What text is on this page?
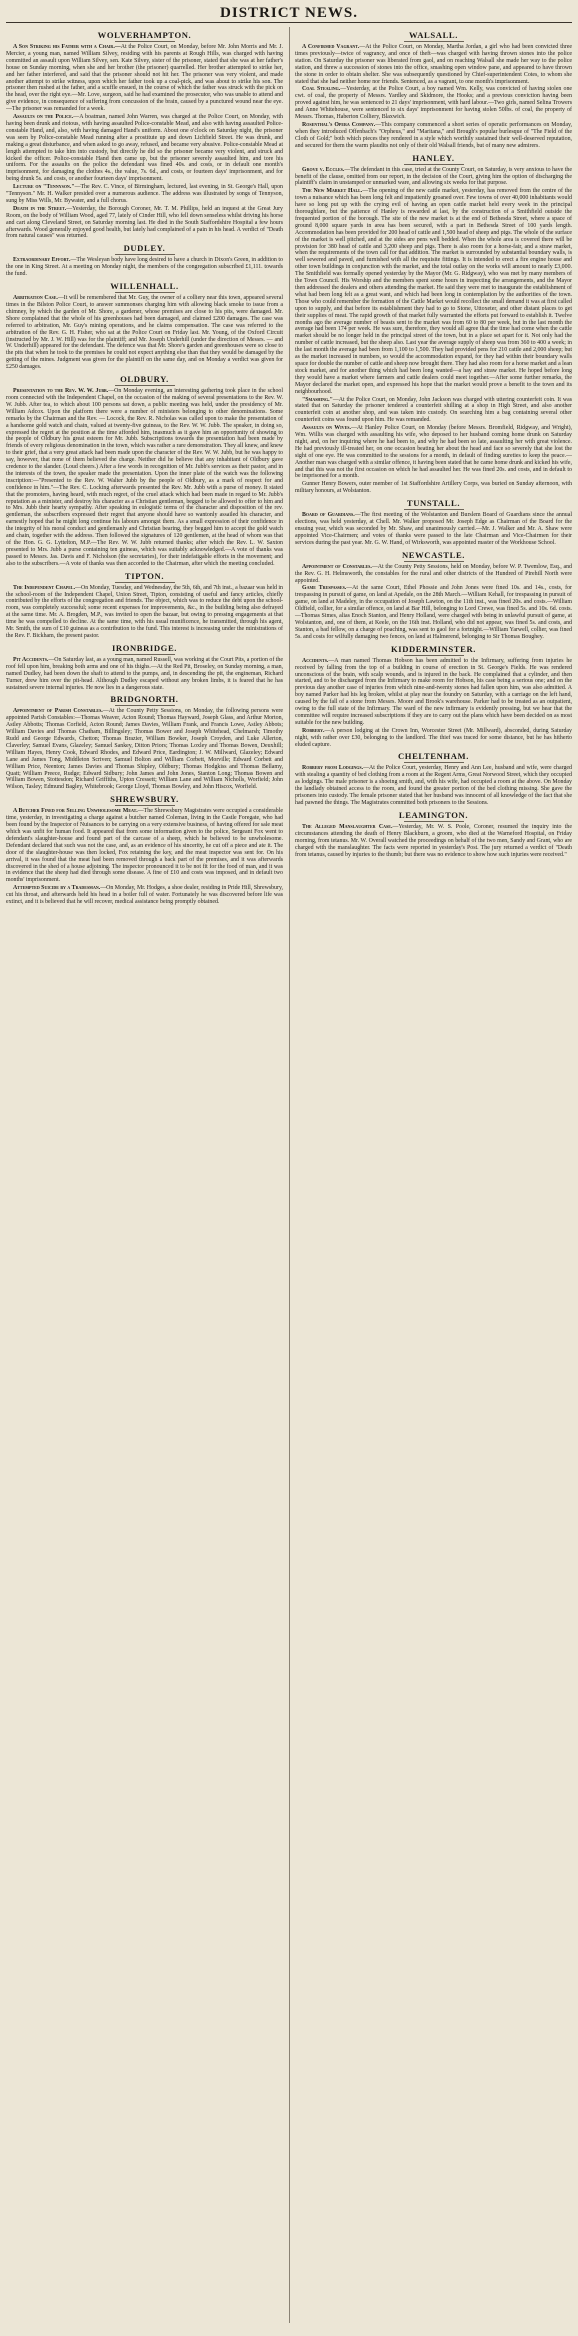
DISTRICT NEWS.
WOLVERHAMPTON.

A Son Striking his Father with a Chair.—At the Police Court, on Monday, before Mr. John Morris and Mr. J. Mercier, a young man, named William Silvey, residing with his parents at Rough Hills, was charged with having committed an assault upon William Silvey, sen. Kate Silvey, sister of the prisoner, stated that she was at her father's house on Sunday morning, when she and her brother (the prisoner) quarrelled. Her brother attempted to strike her, and her father interfered, and said that the prisoner should not hit her. The prisoner was very violent, and made another attempt to strike witness, upon which her father took up a coal-pick, and was about to strike his son. The prisoner then rushed at the father, and a scuffle ensued, in the course of which the father was struck with the pick on the head, over the right eye.—Mr. Love, surgeon, said he had examined the prosecutor, who was unable to attend and give evidence, in consequence of suffering from concussion of the brain, caused by a punctured wound near the eye.—The prisoner was remanded for a week.

Assaults on the Police.—A boatman, named John Warren, was charged at the Police Court, on Monday, with having been drunk and riotous, with having assaulted Police-constable Mead, and also with having assaulted Police-constable Hand, and, also, with having damaged Hand's uniform. About one o'clock on Saturday night, the prisoner was seen by Police-constable Mead running after a prostitute up and down Lichfield Street. He was drunk, and making a great disturbance, and when asked to go away, refused, and became very abusive. Police-constable Mead at length attempted to take him into custody, but directly he did so the prisoner became very violent, and struck and kicked the officer. Police-constable Hand then came up, but the prisoner severely assaulted him, and tore his uniform. For the assaults on the police the defendant was fined 40s. and costs, or in default one month's imprisonment, for damaging the clothes 4s., the value, 7s. 6d., and costs, or fourteen days' imprisonment, and for being drunk 5s. and costs, or another fourteen days' imprisonment.

Lecture on "Tennyson."—The Rev. C. Vince, of Birmingham, lectured, last evening, in St. George's Hall, upon "Tennyson." Mr. H. Walker presided over a numerous audience. The address was illustrated by songs of Tennyson, sung by Miss Wills, Mr. Bywater, and a full chorus.

Death in the Street.—Yesterday, the Borough Coroner, Mr. T. M. Phillips, held an inquest at the Great Jury Room, on the body of William Wood, aged 77, lately of Cinder Hill, who fell down senseless whilst driving his horse and cart along Cleveland Street, on Saturday morning last. He died in the South Staffordshire Hospital a few hours afterwards. Wood generally enjoyed good health, but lately had complained of a pain in his head. A verdict of "Death from natural causes" was returned.

DUDLEY.

Extraordinary Effort.—The Wesleyan body have long desired to have a church in Dixon's Green, in addition to the one in King Street. At a meeting on Monday night, the members of the congregation subscribed £1,111. towards the fund.

WILLENHALL.

Arbitration Case.—It will be remembered that Mr. Guy, the owner of a colliery near this town, appeared several times in the Bilston Police Court, to answer summonses charging him with allowing black smoke to issue from a chimney, by which the garden of Mr. Shore, a gardener, whose premises are close to his pits, were damaged. Mr. Shore complained that the whole of his greenhouses had been damaged, and claimed £200 damages. The case was referred to arbitration, Mr. Guy's mining operations, and he claims compensation. The case was referred to the arbitration of the Rev. G. H. Fisher, who sat at the Police Court on Friday last. Mr. Young, of the Oxford Circuit (instructed by Mr. J. W. Hill) was for the plaintiff; and Mr. Joseph Underhill (under the direction of Messrs. — and W. Underhill) appeared for the defendant. The defence was that Mr. Shore's garden and greenhouses were so close to the pits that when he took to the premises he could not expect anything else than that they would be damaged by the getting of the mines. Judgment was given for the plaintiff on the same day, and on Monday a verdict was given for £250 damages.

OLDBURY.

Presentation to the Rev. W. W. Jubb.—On Monday evening, an interesting gathering took place in the school room connected with the Independent Chapel, on the occasion of the making of several presentations to the Rev. W. W. Jubb. After tea, to which about 100 persons sat down, a public meeting was held, under the presidency of Mr. William Adcox. Upon the platform there were a number of ministers belonging to other denominations. Some remarks by the Chairman and the Rev. — Locock, the Rev. R. Nicholas was called upon to make the presentation of a handsome gold watch and chain, valued at twenty-five guineas, to the Rev. W. W. Jubb. The speaker, in doing so, expressed the regret at the position at the time afforded him, inasmuch as it gave him an opportunity of showing to the people of Oldbury his great esteem for Mr. Jubb. Subscriptions towards the presentation had been made by friends of every religious denomination in the town, which was rather a rare demonstration. They all knew, and knew to their grief, that a very great attack had been made upon the character of the Rev. W. W. Jubb, but he was happy to say, however, that none of them believed the charge. Neither did he believe that any inhabitant of Oldbury gave credence to the slander. (Loud cheers.) After a few words in recognition of Mr. Jubb's services as their pastor, and in the interests of the town, the speaker made the presentation. Upon the inner plate of the watch was the following inscription:—"Presented to the Rev. W. Walter Jubb by the people of Oldbury, as a mark of respect for and confidence in him."—The Rev. C. Locking afterwards presented the Rev. Mr. Jubb with a purse of money. It stated that the promoters, having heard, with much regret, of the cruel attack which had been made in regard to Mr. Jubb's reputation as a minister, and destroy his character as a Christian gentleman, begged to be allowed to offer to him and to Mrs. Jubb their hearty sympathy. After speaking in eulogistic terms of the character and disposition of the rev. gentleman, the subscribers expressed their regret that anyone should have so wantonly assailed his character, and earnestly hoped that he might long continue his labours amongst them. As a small expression of their confidence in the integrity of his moral conduct and gentlemanly and Christian bearing, they begged him to accept the gold watch and chain, together with the address. Then followed the signatures of 120 gentlemen, at the head of whom was that of the Hon. G. G. Lyttelton, M.P.—The Rev. W. W. Jubb returned thanks; after which the Rev. L. W. Saxton presented to Mrs. Jubb a purse containing ten guineas, which was suitably acknowledged.—A vote of thanks was passed to Messrs. Jas. Davis and F. Nicholson (the secretaries), for their indefatigable efforts in the movement; and also to the subscribers.—A vote of thanks was then accorded to the Chairman, after which the meeting concluded.

TIPTON.

The Independent Chapel.—On Monday, Tuesday, and Wednesday, the 5th, 6th, and 7th inst., a bazaar was held in the school-room of the Independent Chapel, Union Street, Tipton, consisting of useful and fancy articles, chiefly contributed by the efforts of the congregation and friends. The object, which was to reduce the debt upon the school-room, was completely successful; some recent expenses for improvements, &c., in the building being also defrayed at the same time. Mr. A. Brogden, M.P., was invited to open the bazaar, but owing to pressing engagements at that time he was compelled to decline. At the same time, with his usual munificence, he transmitted, through his agent, Mr. Smith, the sum of £10 guineas as a contribution to the fund. This interest is increasing under the ministrations of the Rev. F. Bickham, the present pastor.

IRONBRIDGE.

Pit Accidents.—On Saturday last, as a young man, named Russell, was working at the Court Pits, a portion of the roof fell upon him, breaking both arms and one of his thighs.—At the Red Pit, Broseley, on Sunday morning, a man, named Dudley, had been down the shaft to attend to the pumps, and, in descending the pit, the engineman, Richard Turner, drew him over the pit-head. Although Dudley escaped without any broken limbs, it is feared that he has sustained severe internal injuries. He now lies in a dangerous state.

BRIDGNORTH.

Appointment of Parish Constables.—At the County Petty Sessions, on Monday, the following persons were appointed Parish Constables:—Thomas Weaver, Acton Round; Thomas Hayward, Joseph Glass, and Arthur Morton, Astley Abbotts; Thomas Corfield, Acton Round; James Davies, William Frank, and Francis Lowe, Astley Abbots; William Davies and Thomas Chatham, Billingsley; Thomas Bower and Joseph Whitehead, Chelmarsh; Timothy Rudd and George Edwards, Chetton; Thomas Brazier, William Bowker, Joseph Croyden, and Luke Allerton, Claverley; Samuel Evans, Glazeley; Samuel Sankey, Ditton Priors; Thomas Loxley and Thomas Bowen, Deuxhill; William Hayes, Henry Cook, Edward Rhodes, and Edward Price, Eardington; J. W. Millward, Glazeley; Edward Lane and James Tong, Middleton Scriven; Samuel Bolton and William Corbett, Morville; Edward Corbett and William Price, Neenton; James Davies and Thomas Shipley, Oldbury; Thomas Hodgkiss and Thomas Bellamy, Quatt; William Preece, Rudge; Edward Sidbury; John James and John Jones, Stanton Long; Thomas Bowen and William Bowen, Stottesdon; Richard Griffiths, Upton Cressett; William Lane and William Nicholls, Worfield; John Wilson, Tasley; Edmund Bagley, Whitebrook; George Lloyd, Thomas Bowley, and John Hiscox, Worfield.

SHREWSBURY.

A Butcher Fined for Selling Unwholesome Meat.—The Shrewsbury Magistrates were occupied a considerable time, yesterday, in investigating a charge against a butcher named Coleman, living in the Castle Foregate, who had been found by the Inspector of Nuisances to be carrying on a very extensive business, of having offered for sale meat which was unfit for human food. It appeared that from some information given to the police, Sergeant Fox went to defendant's slaughter-house and found part of the carcase of a sheep, which he believed to be unwholesome. Defendant declared that such was not the case, and, as an evidence of his sincerity, he cut off a piece and ate it. The door of the slaughter-house was then locked, Fox retaining the key, and the meat inspector was sent for. On his arrival, it was found that the meat had been removed through a back part of the premises, and it was afterwards discovered in the shed of a house adjoining. The inspector pronounced it to be not fit for the food of man, and it was in evidence that the sheep had died through some disease. A fine of £10 and costs was imposed, and in default two months' imprisonment.

Attempted Suicide by a Tradesman.—On Monday, Mr. Hodges, a shoe dealer, residing in Pride Hill, Shrewsbury, cut his throat, and afterwards held his head in a boiler full of water. Fortunately he was discovered before life was extinct, and it is believed that he will recover, medical assistance being promptly obtained.

WALSALL.

A Confirmed Vagrant.—At the Police Court, on Monday, Martha Jordan, a girl who had been convicted three times previously—twice of vagrancy, and once of theft—was charged with having thrown stones into the police station. On Saturday the prisoner was liberated from gaol, and on reaching Walsall she made her way to the police station, and threw a succession of stones into the office, smashing open window pane, and appeared to have thrown the stone in order to obtain shelter. She was subsequently questioned by Chief-superintendent Cotes, to whom she stated that she had neither home nor friends. Sentenced, as a vagrant, to one month's imprisonment.

Coal Stealing.—Yesterday, at the Police Court, a boy named Wm. Kelly, was convicted of having stolen one cwt. of coal, the property of Messrs. Yardley and Skidmore, the Hooks; and a previous conviction having been proved against him, he was sentenced to 21 days' imprisonment, with hard labour.—Two girls, named Selina Trowers and Anne Whitehouse, were sentenced to six days' imprisonment for having stolen 50lbs. of coal, the property of Messrs. Thomas, Haberton Colliery, Blaxwich.

Rosenthal's Opera Company.—This company commenced a short series of operatic performances on Monday, when they introduced Offenbach's "Orpheus," and "Maritana," and Brough's popular burlesque of "The Field of the Cloth of Gold;" both which pieces they rendered in a style which worthily sustained their well-deserved reputation, and secured for them the warm plaudits not only of their old Walsall friends, but of many new admirers.

HANLEY.

Grove v. Eccles.—The defendant in this case, tried at the County Court, on Saturday, is very anxious to have the benefit of the clause, omitted from our report, in the decision of the Court, giving him the option of discharging the plaintiff's claim in unstamped or unmarked ware, and allowing six weeks for that purpose.

The New Market Hall.—The opening of the new cattle market, yesterday, has removed from the centre of the town a nuisance which has been long felt and impatiently groaned over. Few towns of over 40,000 inhabitants would have so long put up with the crying evil of having an open cattle market held every week in the principal thoroughfare, but the patience of Hanley is rewarded at last, by the construction of a Smithfield outside the frequented portion of the borough. The site of the new market is at the end of Bethesda Street, where a space of ground 8,000 square yards in area has been secured, with a part in Bethesda Street of 100 yards length. Accommodation has been provided for 200 head of cattle and 1,500 head of sheep and pigs. The whole of the surface of the market is well pitched, and at the sides are pens well bedded. When the whole area is covered there will be provision for 380 head of cattle and 3,200 sheep and pigs. There is also room for a horse-fair, and a straw market, when the requirements of the town call for that addition. The market is surrounded by substantial boundary walls, is well sewered and paved, and furnished with all the requisite fittings. It is intended to erect a fire engine house and other town buildings in conjunction with the market, and the total outlay on the works will amount to nearly £3,000. The Smithfield was formally opened yesterday by the Mayor (Mr. G. Ridgway), who was met by many members of the Town Council. His Worship and the members spent some hours in inspecting the arrangements, and the Mayor then addressed the dealers and others attending the market. He said they were met to inaugurate the establishment of what had been long felt as a great want, and which had been long in contemplation by the authorities of the town. Those who could remember the formation of the Cattle Market would recollect the small demand it was at first called upon to supply, and that before its establishment they had to go to Stone, Uttoxeter, and other distant places to get their supplies of meat. The rapid growth of that market fully warranted the efforts put forward to establish it. Twelve months ago the average number of beasts sent to the market was from 60 to 80 per week, but in the last month the average had been 174 per week. He was sure, therefore, they would all agree that the time had come when the cattle market should be no longer held in the principal street of the town, but in a place set apart for it. Not only had the number of cattle increased, but the sheep also. Last year the average supply of sheep was from 360 to 400 a week; in the last month the average had been from 1,100 to 1,500. They had provided pens for 210 cattle and 2,000 sheep; but as the market increased in numbers, so would the accommodation expand, for they had within their boundary walls space for double the number of cattle and sheep now brought there. They had also room for a horse market and a lean stock market, and for another thing which had been long wanted—a hay and straw market. He hoped before long they would have a market where farmers and cattle dealers could meet together.—After some further remarks, the Mayor declared the market open, and expressed his hope that the market would prove a benefit to the town and its neighbourhood.

"Smashing."—At the Police Court, on Monday, John Jackson was charged with uttering counterfeit coin. It was stated that on Saturday the prisoner tendered a counterfeit shilling at a shop in High Street, and also another counterfeit coin at another shop, and was taken into custody. On searching him a bag containing several other counterfeit coins was found upon him. He was remanded.

Assaults on Wives.—At Hanley Police Court, on Monday (before Messrs. Bromfield, Ridgway, and Wright), Wm. Willis was charged with assaulting his wife, who deposed to her husband coming home drunk on Saturday night, and, on her inquiring where he had been to, and why he had been so late, assaulting her with great violence. He had previously ill-treated her, on one occasion beating her about the head and face so severely that she lost the sight of one eye. He was committed to the sessions for a month, in default of finding sureties to keep the peace.—Another man was charged with a similar offence, it having been stated that he came home drunk and kicked his wife, and that this was not the first occasion on which he had assaulted her. He was fined 20s. and costs, and in default to be imprisoned for a month.

Gunner Henry Bowers, outer member of 1st Staffordshire Artillery Corps, was buried on Sunday afternoon, with military honours, at Wolstanton.

TUNSTALL.

Board of Guardians.—The first meeting of the Wolstanton and Burslem Board of Guardians since the annual elections, was held yesterday, at Chell. Mr. Walker proposed Mr. Joseph Edge as Chairman of the Board for the ensuing year, which was seconded by Mr. Shaw, and unanimously carried.—Mr. J. Walker and Mr. A. Shaw were appointed Vice-Chairmen; and votes of thanks were passed to the late Chairman and Vice-Chairmen for their services during the past year. Mr. G. W. Hand, of Wirksworth, was appointed master of the Workhouse School.

NEWCASTLE.

Appointment of Constables.—At the County Petty Sessions, held on Monday, before W. P. Twemlow, Esq., and the Rev. G. H. Helmsworth, the constables for the rural and other districts of the Hundred of Pirehill North were appointed.

Game Trespasses.—At the same Court, Ethel Phossie and John Jones were fined 10s. and 14s., costs, for trespassing in pursuit of game, on land at Apedale, on the 28th March.—William Kehall, for trespassing in pursuit of game, on land at Madeley, in the occupation of Joseph Lawton, on the 11th inst., was fined 20s. and costs.—William Oldfield, collier, for a similar offence, on land at Bar Hill, belonging to Lord Crewe, was fined 5s. and 10s. 6d. costs.—Thomas Simes, alias Enoch Stanton, and Henry Holland, were charged with being in unlawful pursuit of game, at Wolstanton, and, one of them, at Keele, on the 16th inst. Holland, who did not appear, was fined 5s. and costs, and Stanton, a bad fellow, on a charge of poaching, was sent to gaol for a fortnight.—William Yarwell, collier, was fined 5s. and costs for wilfully damaging two fences, on land at Halmerend, belonging to Sir Thomas Boughey.

KIDDERMINSTER.

Accidents.—A man named Thomas Hobson has been admitted to the Infirmary, suffering from injuries he received by falling from the top of a building in course of erection in St. George's Fields. He was rendered unconscious of the brain, with scalp wounds, and is injured in the back. He complained that a cylinder, and then started, and to be discharged from the Infirmary to make room for Hobson, his case being a serious one; and on the previous day another case of injuries from which nine-and-twenty stones had fallen upon him, was also admitted. A boy named Parker had his leg broken, whilst at play near the foundry on Saturday, with a carriage on the left hand, caused by the fall of a stone from Messrs. Moore and Brook's warehouse. Parker had to be treated as an outpatient, owing to the full state of the Infirmary. The ward of the new infirmary is evidently pressing, but we hear that the committee will require increased subscriptions if they are to carry out the plans which have been decided on as most suitable for the new building.

Robbery.—A person lodging at the Crown Inn, Worcester Street (Mr. Millward), absconded, during Saturday night, with rather over £30, belonging to the landlord. The thief was traced for some distance, but he has hitherto eluded capture.

CHELTENHAM.

Robbery from Lodgings.—At the Police Court, yesterday, Henry and Ann Lee, husband and wife, were charged with stealing a quantity of bed clothing from a room at the Regent Arms, Great Norwood Street, which they occupied as lodgings. The male prisoner is a shoeing smith, and, with his wife, had occupied a room at the above. On Monday the landlady obtained access to the room, and found the greater portion of the bed clothing missing. She gave the prisoners into custody. The female prisoner stated that her husband was innocent of all knowledge of the fact that she had pawned the things. The Magistrates committed both prisoners to the Sessions.

LEAMINGTON.

The Alleged Manslaughter Case.—Yesterday, Mr. W. S. Poole, Coroner, resumed the inquiry into the circumstances attending the death of Henry Blackburn, a groom, who died at the Warneford Hospital, on Friday morning, from tetanus. Mr. W. Overall watched the proceedings on behalf of the two men, Sandy and Grant, who are charged with the manslaughter. The facts were reported in yesterday's Post. The jury returned a verdict of "Death from tetanus, caused by injuries to the thumb; but there was no evidence to show how such injuries were received."
